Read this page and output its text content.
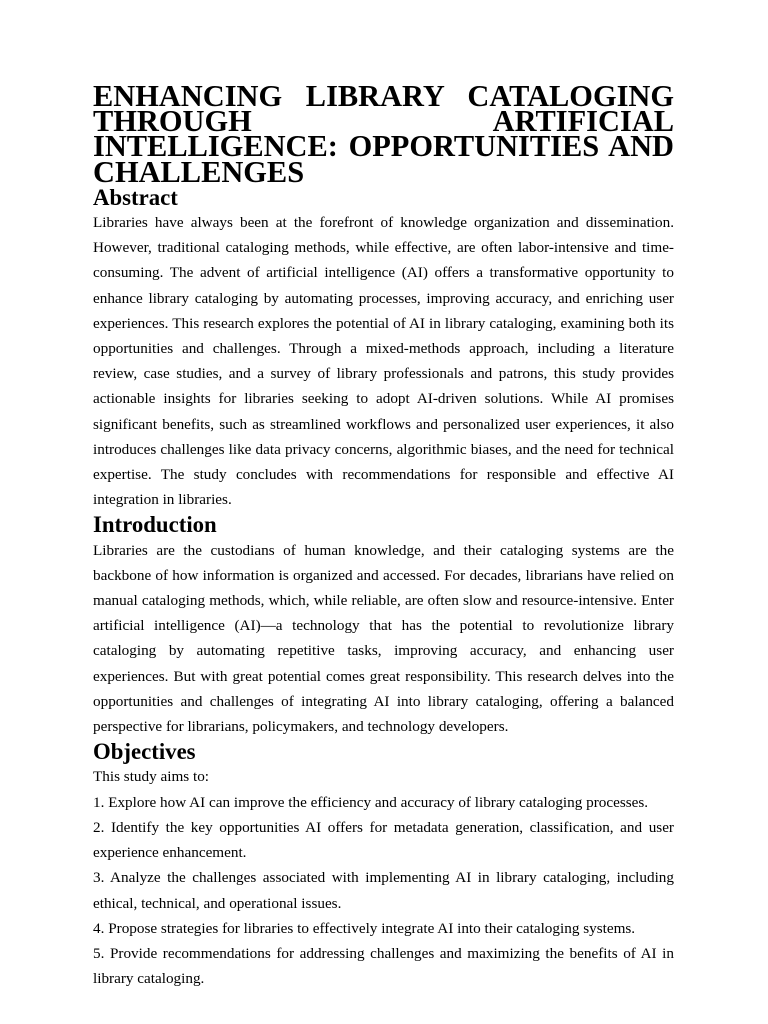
ENHANCING LIBRARY CATALOGING THROUGH ARTIFICIAL
INTELLIGENCE: OPPORTUNITIES AND CHALLENGES
Abstract

Libraries have always been at the forefront of knowledge organization and dissemination. However, traditional cataloging methods, while effective, are often labor-intensive and time-consuming. The advent of artificial intelligence (AI) offers a transformative opportunity to enhance library cataloging by automating processes, improving accuracy, and enriching user experiences. This research explores the potential of AI in library cataloging, examining both its opportunities and challenges. Through a mixed-methods approach, including a literature review, case studies, and a survey of library professionals and patrons, this study provides actionable insights for libraries seeking to adopt AI-driven solutions. While AI promises significant benefits, such as streamlined workflows and personalized user experiences, it also introduces challenges like data privacy concerns, algorithmic biases, and the need for technical expertise. The study concludes with recommendations for responsible and effective AI integration in libraries.

Introduction

Libraries are the custodians of human knowledge, and their cataloging systems are the backbone of how information is organized and accessed. For decades, librarians have relied on manual cataloging methods, which, while reliable, are often slow and resource-intensive. Enter artificial intelligence (AI)—a technology that has the potential to revolutionize library cataloging by automating repetitive tasks, improving accuracy, and enhancing user experiences. But with great potential comes great responsibility. This research delves into the opportunities and challenges of integrating AI into library cataloging, offering a balanced perspective for librarians, policymakers, and technology developers.

Objectives

This study aims to:

1. Explore how AI can improve the efficiency and accuracy of library cataloging processes.

2. Identify the key opportunities AI offers for metadata generation, classification, and user experience enhancement.

3. Analyze the challenges associated with implementing AI in library cataloging, including ethical, technical, and operational issues.

4. Propose strategies for libraries to effectively integrate AI into their cataloging systems.

5. Provide recommendations for addressing challenges and maximizing the benefits of AI in library cataloging.
